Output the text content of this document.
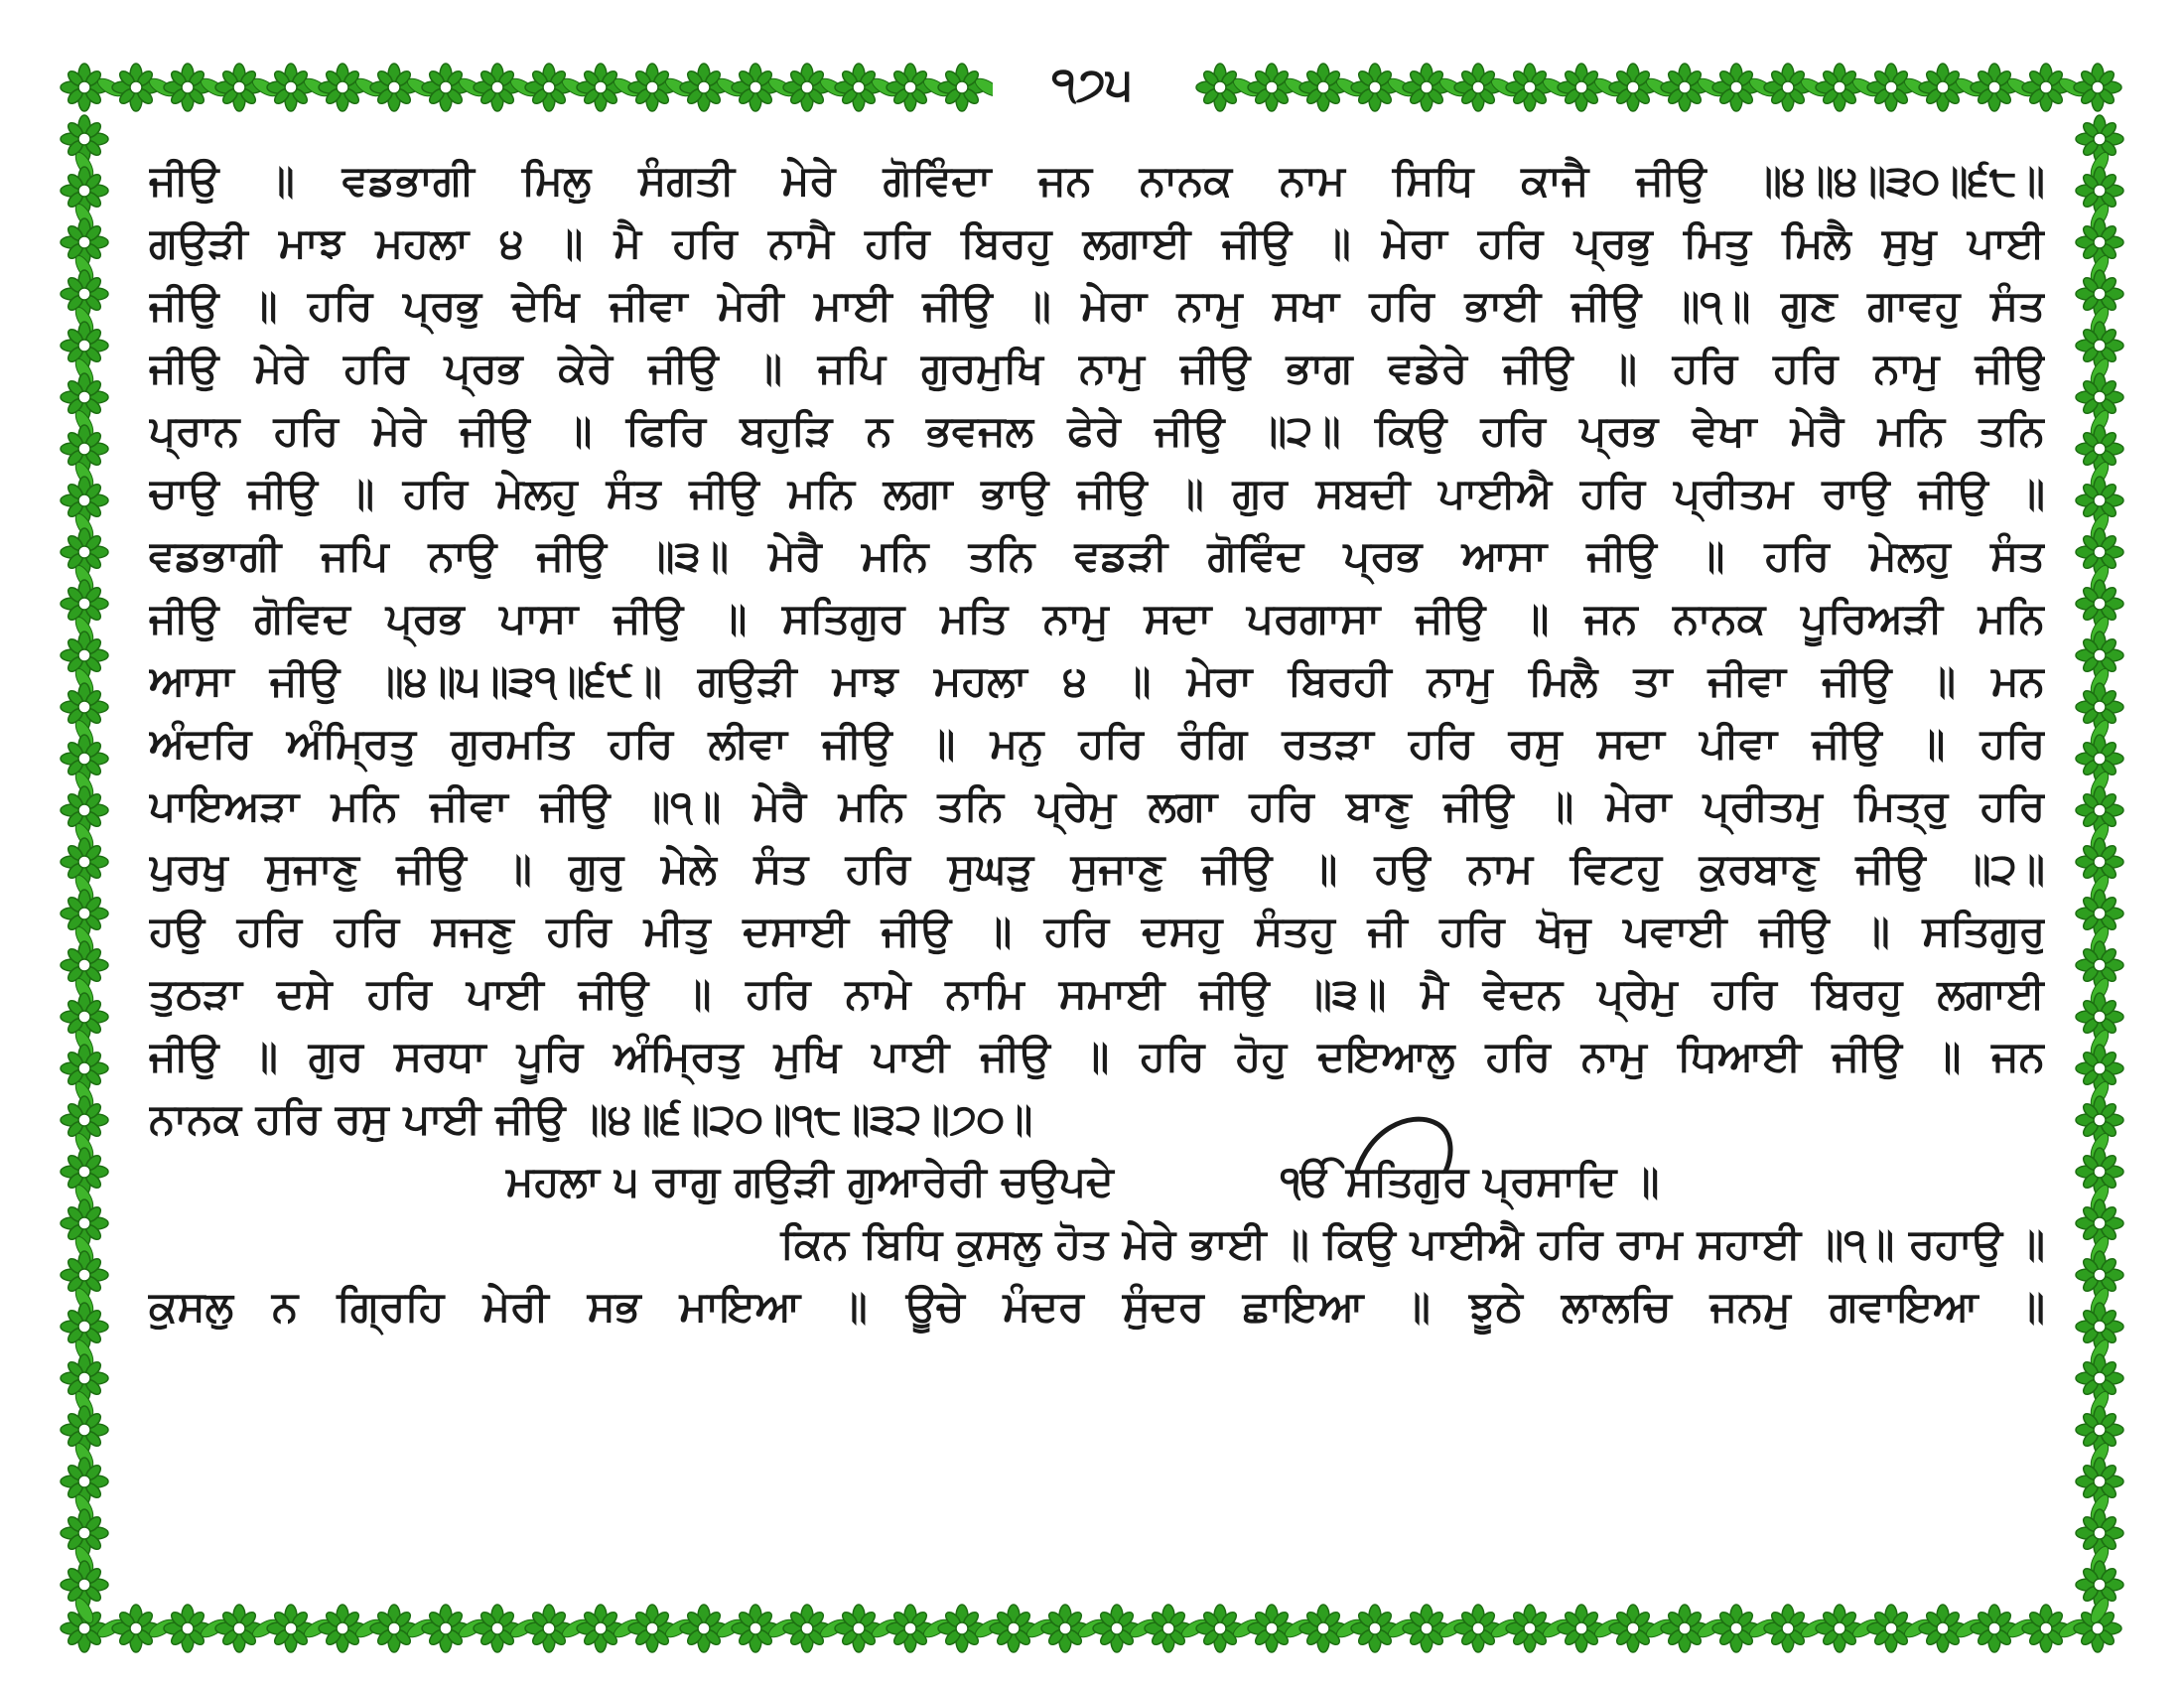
੧੭੫
ਜੀਉ ॥ ਵਡਭਾਗੀ ਮਿਲੁ ਸੰਗਤੀ ਮੇਰੇ ਗੋਵਿੰਦਾ ਜਨ ਨਾਨਕ ਨਾਮ ਸਿਧਿ ਕਾਜੈ ਜੀਉ ॥੪॥੪॥੩੦॥੬੮॥
ਗਉੜੀ ਮਾਝ ਮਹਲਾ ੪ ॥ ਮੈ ਹਰਿ ਨਾਮੈ ਹਰਿ ਬਿਰਹੁ ਲਗਾਈ ਜੀਉ ॥ ਮੇਰਾ ਹਰਿ ਪ੍ਰਭੁ ਮਿਤੁ ਮਿਲੈ ਸੁਖੁ ਪਾਈ
ਜੀਉ ॥ ਹਰਿ ਪ੍ਰਭੁ ਦੇਖਿ ਜੀਵਾ ਮੇਰੀ ਮਾਈ ਜੀਉ ॥ ਮੇਰਾ ਨਾਮੁ ਸਖਾ ਹਰਿ ਭਾਈ ਜੀਉ ॥੧॥ ਗੁਣ ਗਾਵਹੁ ਸੰਤ
ਜੀਉ ਮੇਰੇ ਹਰਿ ਪ੍ਰਭ ਕੇਰੇ ਜੀਉ ॥ ਜਪਿ ਗੁਰਮੁਖਿ ਨਾਮੁ ਜੀਉ ਭਾਗ ਵਡੇਰੇ ਜੀਉ ॥ ਹਰਿ ਹਰਿ ਨਾਮੁ ਜੀਉ
ਪ੍ਰਾਨ ਹਰਿ ਮੇਰੇ ਜੀਉ ॥ ਫਿਰਿ ਬਹੁੜਿ ਨ ਭਵਜਲ ਫੇਰੇ ਜੀਉ ॥੨॥ ਕਿਉ ਹਰਿ ਪ੍ਰਭ ਵੇਖਾ ਮੇਰੈ ਮਨਿ ਤਨਿ
ਚਾਉ ਜੀਉ ॥ ਹਰਿ ਮੇਲਹੁ ਸੰਤ ਜੀਉ ਮਨਿ ਲਗਾ ਭਾਉ ਜੀਉ ॥ ਗੁਰ ਸਬਦੀ ਪਾਈਐ ਹਰਿ ਪ੍ਰੀਤਮ ਰਾਉ ਜੀਉ ॥
ਵਡਭਾਗੀ ਜਪਿ ਨਾਉ ਜੀਉ ॥੩॥ ਮੇਰੈ ਮਨਿ ਤਨਿ ਵਡੜੀ ਗੋਵਿੰਦ ਪ੍ਰਭ ਆਸਾ ਜੀਉ ॥ ਹਰਿ ਮੇਲਹੁ ਸੰਤ
ਜੀਉ ਗੋਵਿਦ ਪ੍ਰਭ ਪਾਸਾ ਜੀਉ ॥ ਸਤਿਗੁਰ ਮਤਿ ਨਾਮੁ ਸਦਾ ਪਰਗਾਸਾ ਜੀਉ ॥ ਜਨ ਨਾਨਕ ਪੂਰਿਅੜੀ ਮਨਿ
ਆਸਾ ਜੀਉ ॥੪॥੫॥੩੧॥੬੯॥ ਗਉੜੀ ਮਾਝ ਮਹਲਾ ੪ ॥ ਮੇਰਾ ਬਿਰਹੀ ਨਾਮੁ ਮਿਲੈ ਤਾ ਜੀਵਾ ਜੀਉ ॥ ਮਨ
ਅੰਦਰਿ ਅੰਮ੍ਰਿਤੁ ਗੁਰਮਤਿ ਹਰਿ ਲੀਵਾ ਜੀਉ ॥ ਮਨੁ ਹਰਿ ਰੰਗਿ ਰਤੜਾ ਹਰਿ ਰਸੁ ਸਦਾ ਪੀਵਾ ਜੀਉ ॥ ਹਰਿ
ਪਾਇਅੜਾ ਮਨਿ ਜੀਵਾ ਜੀਉ ॥੧॥ ਮੇਰੈ ਮਨਿ ਤਨਿ ਪ੍ਰੇਮੁ ਲਗਾ ਹਰਿ ਬਾਣੁ ਜੀਉ ॥ ਮੇਰਾ ਪ੍ਰੀਤਮੁ ਮਿਤ੍ਰੁ ਹਰਿ
ਪੁਰਖੁ ਸੁਜਾਣੁ ਜੀਉ ॥ ਗੁਰੁ ਮੇਲੇ ਸੰਤ ਹਰਿ ਸੁਘੜੁ ਸੁਜਾਣੁ ਜੀਉ ॥ ਹਉ ਨਾਮ ਵਿਟਹੁ ਕੁਰਬਾਣੁ ਜੀਉ ॥੨॥
ਹਉ ਹਰਿ ਹਰਿ ਸਜਣੁ ਹਰਿ ਮੀਤੁ ਦਸਾਈ ਜੀਉ ॥ ਹਰਿ ਦਸਹੁ ਸੰਤਹੁ ਜੀ ਹਰਿ ਖੋਜੁ ਪਵਾਈ ਜੀਉ ॥ ਸਤਿਗੁਰੁ
ਤੁਠੜਾ ਦਸੇ ਹਰਿ ਪਾਈ ਜੀਉ ॥ ਹਰਿ ਨਾਮੇ ਨਾਮਿ ਸਮਾਈ ਜੀਉ ॥੩॥ ਮੈ ਵੇਦਨ ਪ੍ਰੇਮੁ ਹਰਿ ਬਿਰਹੁ ਲਗਾਈ
ਜੀਉ ॥ ਗੁਰ ਸਰਧਾ ਪੂਰਿ ਅੰਮ੍ਰਿਤੁ ਮੁਖਿ ਪਾਈ ਜੀਉ ॥ ਹਰਿ ਹੋਹੁ ਦਇਆਲੁ ਹਰਿ ਨਾਮੁ ਧਿਆਈ ਜੀਉ ॥ ਜਨ
ਨਾਨਕ ਹਰਿ ਰਸੁ ਪਾਈ ਜੀਉ ॥੪॥੬॥੨੦॥੧੮॥੩੨॥੭੦॥
ਮਹਲਾ ੫ ਰਾਗੁ ਗਉੜੀ ਗੁਆਰੇਰੀ ਚਉਪਦੇ	ੴ ਸਤਿਗੁਰ ਪ੍ਰਸਾਦਿ ॥
ਕਿਨ ਬਿਧਿ ਕੁਸਲੁ ਹੋਤ ਮੇਰੇ ਭਾਈ ॥ ਕਿਉ ਪਾਈਐ ਹਰਿ ਰਾਮ ਸਹਾਈ ॥੧॥ ਰਹਾਉ ॥
ਕੁਸਲੁ ਨ ਗ੍ਰਿਹਿ ਮੇਰੀ ਸਭ ਮਾਇਆ ॥ ਊਚੇ ਮੰਦਰ ਸੁੰਦਰ ਛਾਇਆ ॥ ਝੂਠੇ ਲਾਲਚਿ ਜਨਮੁ ਗਵਾਇਆ ॥
